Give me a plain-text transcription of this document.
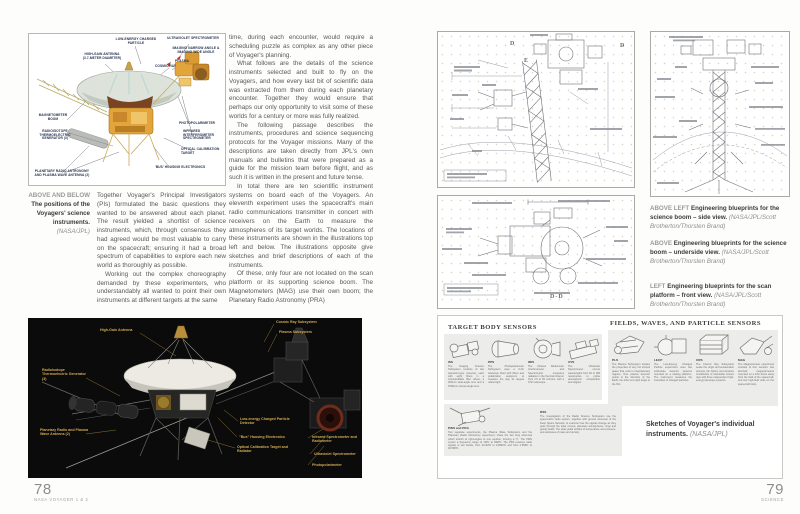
LOW-ENERGY CHARGED PARTICLE
ULTRAVIOLET SPECTROMETER
IMAGING NARROW ANGLE & IMAGING WIDE ANGLE
PLASMA
COSMIC RAY
HIGH-GAIN ANTENNA (3.7-METER DIAMETER)
MAGNETOMETER BOOM
RADIOISOTOPE THERMOELECTRIC GENERATOR (3)
PHOTOPOLARIMETER
INFRARED INTERFEROMETER SPECTROMETER
OPTICAL CALIBRATION TARGET
'BUS' HOUSING ELECTRONICS
PLANETARY RADIO ASTRONOMY AND PLASMA WAVE ANTENNA (2)
ABOVE AND BELOW
The positions of the Voyagers' science instruments.
(NASA/JPL)

Together Voyager's Principal Investigators (PIs) formulated the basic questions they wanted to be answered about each planet. The result yielded a shortlist of science instruments, which, through consensus they had agreed would be most valuable to carry on the spacecraft; ensuring it had a broad spectrum of capabilities to explore each new world as thoroughly as possible.

Working out the complex choreography demanded by these experimenters, who understandably all wanted to point their own instruments at different targets at the same

time, during each encounter, would require a scheduling puzzle as complex as any other piece of Voyager's planning.

What follows are the details of the science instruments selected and built to fly on the Voyagers, and how every last bit of scientific data was extracted from them during each planetary encounter. Together they would ensure that perhaps our only opportunity to visit some of these worlds for a century or more was fully realized.

The following passage describes the instruments, procedures and science sequencing protocols for the Voyager missions. Many of the descriptions are taken directly from JPL's own manuals and bulletins that were prepared as a guide for the mission team before flight, and as such it is written in the present and future tense.

In total there are ten scientific instrument systems on board each of the Voyagers. An eleventh experiment uses the spacecraft's main radio communications transmitter in concert with receivers on the Earth to measure the atmospheres of its target worlds. The locations of these instruments are shown in the illustrations top left and below. The illustrations opposite give sketches and brief descriptions of each of the instruments.

Of these, only four are not located on the scan platform or its supporting science boom. The Magnetometers (MAG) use their own boom; the Planetary Radio Astronomy (PRA)

High-Gain Antenna
Cosmic Ray Subsystem
Plasma Subsystem
Radioisotope Thermoelectric Generator (3)
Planetary Radio and Plasma Wave Antenna (2)
Low-energy Charged Particle Detector
"Bus" Housing Electronics
Optical Calibration Target and Radiator
Infrared Spectrometer and Radiometer
Ultraviolet Spectrometer
Photopolarimeter
78
NASA VOYAGER 1 & 2
D
E
D
D-D
ABOVE LEFT Engineering blueprints for the science boom – side view. (NASA/JPL/Scott Brotherton/Thorsten Brand)
ABOVE Engineering blueprints for the science boom – underside view. (NASA/JPL/Scott Brotherton/Thorsten Brand)
LEFT Engineering blueprints for the scan platform – front view. (NASA/JPL/Scott Brotherton/Thorsten Brand)
TARGET BODY SENSORS
FIELDS, WAVES, AND PARTICLE SENSORS
ISS
The Imaging Science Subsystem consists of two television-type cameras, each with eight filters in a commandable filter wheel; a 200mm wide-angle lens and a 1500mm narrow-angle lens.
PPS
The Photopolarimeter Subsystem uses a 0.2m telescope fitted with filters and polarization analyzers to measure the way its targets reflect light.
IRIS
The Infrared Radiometer Interferometer and Spectrometer measures radiation in the thermal infrared, from 2.5 to 50 microns, with a 0.5m telescope.
UVS
The Ultraviolet Spectrometer covers wavelengths from 40 to 180 nanometres to probe atmospheric composition and airglow.
PLS
The Plasma Subsystem studies the properties of very hot ionized gases that exist in interplanetary regions. One plasma detector points in the direction of the Earth, the other at a right angle to the first.
LECP
The Low-Energy Charged Particle experiment uses two solid-state detector systems mounted on a rotating platform. The instrument measures the intensities of charged particles.
CRS
The Cosmic Ray Subsystem seeks the origin and acceleration process, life history and dynamic contribution of interstellar cosmic rays with three independent high-energy telescope systems.
MAG
The Magnetometer experiment consists of four sensors: two low-field magnetometers mounted on a 13m boom away from the field of the spacecraft, and two high-field units on the spacecraft body.
PWS and PRA
Two separate experiments, the Plasma Wave Subsystem and the Planetary Radio Astronomy experiment, share the two long antennas which stretch at right-angles to one another, forming a 'V'. The PWS covers a frequency range of 10Hz to 56kHz. The PRA receives radio signals in two bands, from 20.4kHz to 1300kHz and from 2.3MHz to 40.5MHz.
RSS
The investigators of the Radio Science Subsystem use the spacecraft's radio system, together with ground antennas of the Deep Space Network, to examine how the signals change as they pass through the solar corona, planetary atmospheres, rings and gravity fields. The data yields profiles of temperature and pressure, and estimates of mass and density.
Sketches of Voyager's individual instruments. (NASA/JPL)
79
SCIENCE
